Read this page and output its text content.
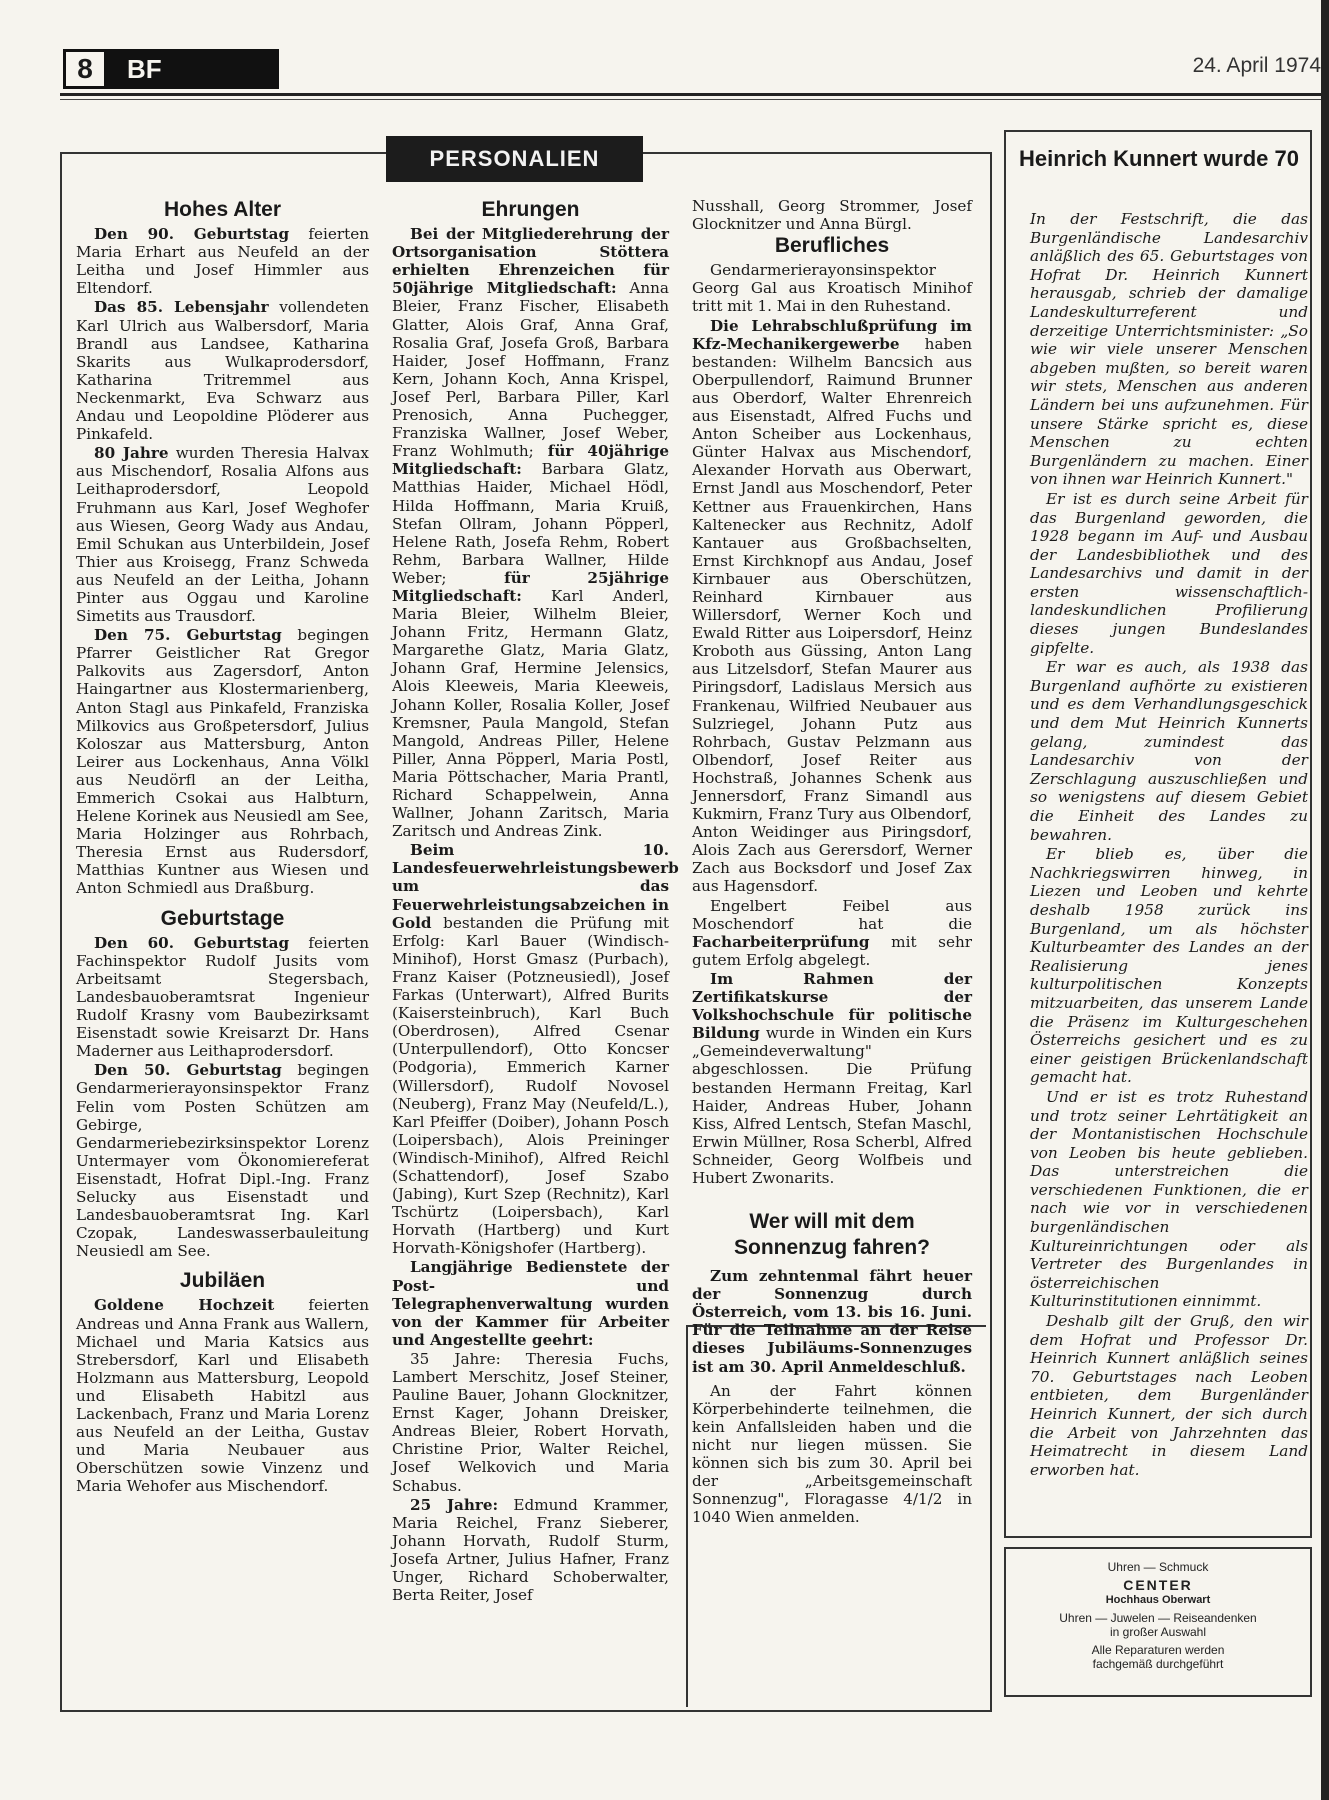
8	BF	24. April 1974
PERSONALIEN
Hohes Alter

Den 90. Geburtstag feierten Maria Erhart aus Neufeld an der Leitha und Josef Himmler aus Eltendorf.

Das 85. Lebensjahr vollendeten Karl Ulrich aus Walbersdorf, Maria Brandl aus Landsee, Katharina Skarits aus Wulkaprodersdorf, Katharina Tritremmel aus Neckenmarkt, Eva Schwarz aus Andau und Leopoldine Plöderer aus Pinkafeld.

80 Jahre wurden Theresia Halvax aus Mischendorf, Rosalia Alfons aus Leithaprodersdorf, Leopold Fruhmann aus Karl, Josef Weghofer aus Wiesen, Georg Wady aus Andau, Emil Schukan aus Unterbildein, Josef Thier aus Kroisegg, Franz Schweda aus Neufeld an der Leitha, Johann Pinter aus Oggau und Karoline Simetits aus Trausdorf.

Den 75. Geburtstag begingen Pfarrer Geistlicher Rat Gregor Palkovits aus Zagersdorf, Anton Haingartner aus Klostermarienberg, Anton Stagl aus Pinkafeld, Franziska Milkovics aus Großpetersdorf, Julius Koloszar aus Mattersburg, Anton Leirer aus Lockenhaus, Anna Völkl aus Neudörfl an der Leitha, Emmerich Csokai aus Halbturn, Helene Korinek aus Neusiedl am See, Maria Holzinger aus Rohrbach, Theresia Ernst aus Rudersdorf, Matthias Kuntner aus Wiesen und Anton Schmiedl aus Draßburg.

Geburtstage

Den 60. Geburtstag feierten Fachinspektor Rudolf Jusits vom Arbeitsamt Stegersbach, Landesbauoberamtsrat Ingenieur Rudolf Krasny vom Baubezirksamt Eisenstadt sowie Kreisarzt Dr. Hans Maderner aus Leithaprodersdorf.

Den 50. Geburtstag begingen Gendarmerierayonsinspektor Franz Felin vom Posten Schützen am Gebirge, Gendarmeriebezirksinspektor Lorenz Untermayer vom Ökonomiereferat Eisenstadt, Hofrat Dipl.-Ing. Franz Selucky aus Eisenstadt und Landesbauoberamtsrat Ing. Karl Czopak, Landeswasserbauleitung Neusiedl am See.

Jubiläen

Goldene Hochzeit feierten Andreas und Anna Frank aus Wallern, Michael und Maria Katsics aus Strebersdorf, Karl und Elisabeth Holzmann aus Mattersburg, Leopold und Elisabeth Habitzl aus Lackenbach, Franz und Maria Lorenz aus Neufeld an der Leitha, Gustav und Maria Neubauer aus Oberschützen sowie Vinzenz und Maria Wehofer aus Mischendorf.

Ehrungen

Bei der Mitgliederehrung der Ortsorganisation Stöttera erhielten Ehrenzeichen für 50jährige Mitgliedschaft: Anna Bleier, Franz Fischer, Elisabeth Glatter, Alois Graf, Anna Graf, Rosalia Graf, Josefa Groß, Barbara Haider, Josef Hoffmann, Franz Kern, Johann Koch, Anna Krispel, Josef Perl, Barbara Piller, Karl Prenosich, Anna Puchegger, Franziska Wallner, Josef Weber, Franz Wohlmuth; für 40jährige Mitgliedschaft: Barbara Glatz, Matthias Haider, Michael Hödl, Hilda Hoffmann, Maria Kruiß, Stefan Ollram, Johann Pöpperl, Helene Rath, Josefa Rehm, Robert Rehm, Barbara Wallner, Hilde Weber; für 25jährige Mitgliedschaft: Karl Anderl, Maria Bleier, Wilhelm Bleier, Johann Fritz, Hermann Glatz, Margarethe Glatz, Maria Glatz, Johann Graf, Hermine Jelensics, Alois Kleeweis, Maria Kleeweis, Johann Koller, Rosalia Koller, Josef Kremsner, Paula Mangold, Stefan Mangold, Andreas Piller, Helene Piller, Anna Pöpperl, Maria Postl, Maria Pöttschacher, Maria Prantl, Richard Schappelwein, Anna Wallner, Johann Zaritsch, Maria Zaritsch und Andreas Zink.

Beim 10. Landesfeuerwehrleistungsbewerb um das Feuerwehrleistungsabzeichen in Gold bestanden die Prüfung mit Erfolg: Karl Bauer (Windisch-Minihof), Horst Gmasz (Purbach), Franz Kaiser (Potzneusiedl), Josef Farkas (Unterwart), Alfred Burits (Kaisersteinbruch), Karl Buch (Oberdrosen), Alfred Csenar (Unterpullendorf), Otto Koncser (Podgoria), Emmerich Karner (Willersdorf), Rudolf Novosel (Neuberg), Franz May (Neufeld/L.), Karl Pfeiffer (Doiber), Johann Posch (Loipersbach), Alois Preininger (Windisch-Minihof), Alfred Reichl (Schattendorf), Josef Szabo (Jabing), Kurt Szep (Rechnitz), Karl Tschürtz (Loipersbach), Karl Horvath (Hartberg) und Kurt Horvath-Königshofer (Hartberg).

Langjährige Bedienstete der Post- und Telegraphenverwaltung wurden von der Kammer für Arbeiter und Angestellte geehrt:

35 Jahre: Theresia Fuchs, Lambert Merschitz, Josef Steiner, Pauline Bauer, Johann Glocknitzer, Ernst Kager, Johann Dreisker, Andreas Bleier, Robert Horvath, Christine Prior, Walter Reichel, Josef Welkovich und Maria Schabus.

25 Jahre: Edmund Krammer, Maria Reichel, Franz Sieberer, Johann Horvath, Rudolf Sturm, Josefa Artner, Julius Hafner, Franz Unger, Richard Schoberwalter, Berta Reiter, Josef

Nusshall, Georg Strommer, Josef Glocknitzer und Anna Bürgl.

Berufliches

Gendarmerierayonsinspektor Georg Gal aus Kroatisch Minihof tritt mit 1. Mai in den Ruhestand.

Die Lehrabschlußprüfung im Kfz-Mechanikergewerbe haben bestanden: Wilhelm Bancsich aus Oberpullendorf, Raimund Brunner aus Oberdorf, Walter Ehrenreich aus Eisenstadt, Alfred Fuchs und Anton Scheiber aus Lockenhaus, Günter Halvax aus Mischendorf, Alexander Horvath aus Oberwart, Ernst Jandl aus Moschendorf, Peter Kettner aus Frauenkirchen, Hans Kaltenecker aus Rechnitz, Adolf Kantauer aus Großbachselten, Ernst Kirchknopf aus Andau, Josef Kirnbauer aus Oberschützen, Reinhard Kirnbauer aus Willersdorf, Werner Koch und Ewald Ritter aus Loipersdorf, Heinz Kroboth aus Güssing, Anton Lang aus Litzelsdorf, Stefan Maurer aus Piringsdorf, Ladislaus Mersich aus Frankenau, Wilfried Neubauer aus Sulzriegel, Johann Putz aus Rohrbach, Gustav Pelzmann aus Olbendorf, Josef Reiter aus Hochstraß, Johannes Schenk aus Jennersdorf, Franz Simandl aus Kukmirn, Franz Tury aus Olbendorf, Anton Weidinger aus Piringsdorf, Alois Zach aus Gerersdorf, Werner Zach aus Bocksdorf und Josef Zax aus Hagensdorf.

Engelbert Feibel aus Moschendorf hat die Facharbeiterprüfung mit sehr gutem Erfolg abgelegt.

Im Rahmen der Zertifikatskurse der Volkshochschule für politische Bildung wurde in Winden ein Kurs „Gemeindeverwaltung" abgeschlossen. Die Prüfung bestanden Hermann Freitag, Karl Haider, Andreas Huber, Johann Kiss, Alfred Lentsch, Stefan Maschl, Erwin Müllner, Rosa Scherbl, Alfred Schneider, Georg Wolfbeis und Hubert Zwonarits.

Wer will mit dem Sonnenzug fahren?

Zum zehntenmal fährt heuer der Sonnenzug durch Österreich, vom 13. bis 16. Juni. Für die Teilnahme an der Reise dieses Jubiläums-Sonnenzuges ist am 30. April Anmeldeschluß.

An der Fahrt können Körperbehinderte teilnehmen, die kein Anfallsleiden haben und die nicht nur liegen müssen. Sie können sich bis zum 30. April bei der „Arbeitsgemeinschaft Sonnenzug", Floragasse 4/1/2 in 1040 Wien anmelden.

Heinrich Kunnert wurde 70

In der Festschrift, die das Burgenländische Landesarchiv anläßlich des 65. Geburtstages von Hofrat Dr. Heinrich Kunnert herausgab, schrieb der damalige Landeskulturreferent und derzeitige Unterrichtsminister: „So wie wir viele unserer Menschen abgeben mußten, so bereit waren wir stets, Menschen aus anderen Ländern bei uns aufzunehmen. Für unsere Stärke spricht es, diese Menschen zu echten Burgenländern zu machen. Einer von ihnen war Heinrich Kunnert."

Er ist es durch seine Arbeit für das Burgenland geworden, die 1928 begann im Auf- und Ausbau der Landesbibliothek und des Landesarchivs und damit in der ersten wissenschaftlich-landeskundlichen Profilierung dieses jungen Bundeslandes gipfelte.

Er war es auch, als 1938 das Burgenland aufhörte zu existieren und es dem Verhandlungsgeschick und dem Mut Heinrich Kunnerts gelang, zumindest das Landesarchiv von der Zerschlagung auszuschließen und so wenigstens auf diesem Gebiet die Einheit des Landes zu bewahren.

Er blieb es, über die Nachkriegswirren hinweg, in Liezen und Leoben und kehrte deshalb 1958 zurück ins Burgenland, um als höchster Kulturbeamter des Landes an der Realisierung jenes kulturpolitischen Konzepts mitzuarbeiten, das unserem Lande die Präsenz im Kulturgeschehen Österreichs gesichert und es zu einer geistigen Brückenlandschaft gemacht hat.

Und er ist es trotz Ruhestand und trotz seiner Lehrtätigkeit an der Montanistischen Hochschule von Leoben bis heute geblieben. Das unterstreichen die verschiedenen Funktionen, die er nach wie vor in verschiedenen burgenländischen Kultureinrichtungen oder als Vertreter des Burgenlandes in österreichischen Kulturinstitutionen einnimmt.

Deshalb gilt der Gruß, den wir dem Hofrat und Professor Dr. Heinrich Kunnert anläßlich seines 70. Geburtstages nach Leoben entbieten, dem Burgenländer Heinrich Kunnert, der sich durch die Arbeit von Jahrzehnten das Heimatrecht in diesem Land erworben hat.

Uhren — Schmuck
CENTER
Hochhaus Oberwart
Uhren — Juwelen — Reiseandenken
in großer Auswahl
Alle Reparaturen werden
fachgemäß durchgeführt
